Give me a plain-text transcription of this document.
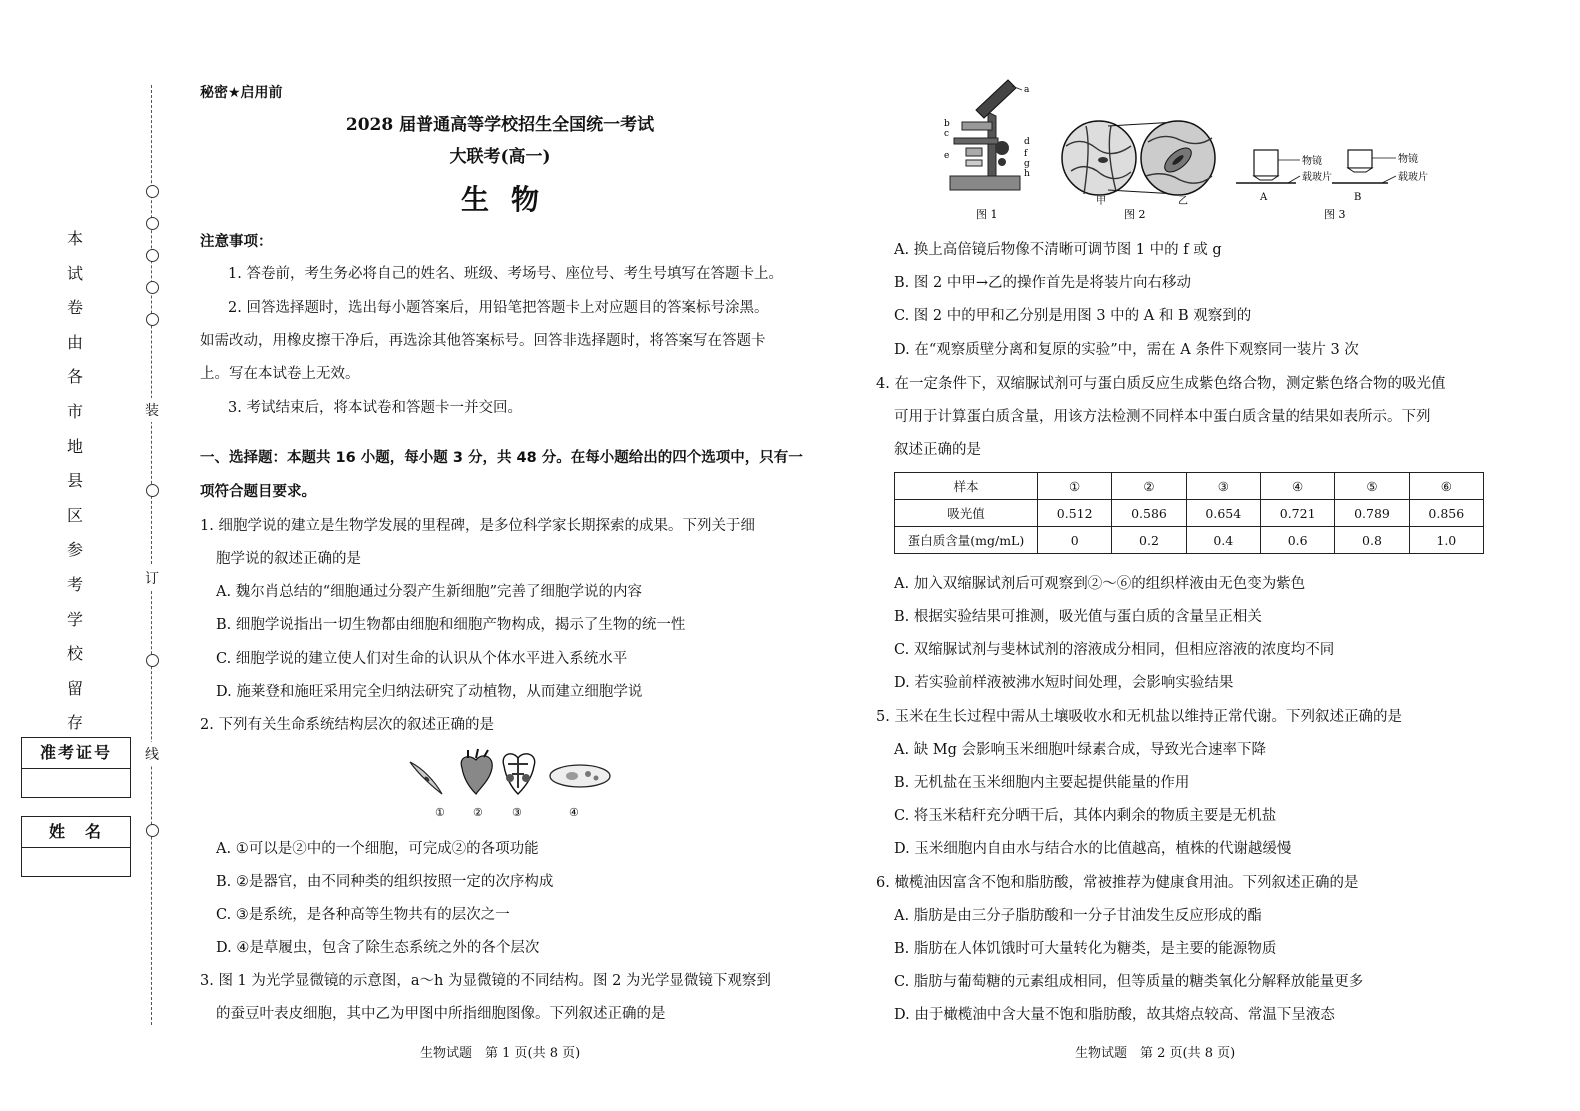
本
试
卷
由
各
市
地
县
区
参
考
学
校
留
存
准考证号
姓　名
装
订
线
秘密★启用前
2028 届普通高等学校招生全国统一考试
大联考(高一)
生物
注意事项：
1. 答卷前，考生务必将自己的姓名、班级、考场号、座位号、考生号填写在答题卡上。
2. 回答选择题时，选出每小题答案后，用铅笔把答题卡上对应题目的答案标号涂黑。
如需改动，用橡皮擦干净后，再选涂其他答案标号。回答非选择题时，将答案写在答题卡
上。写在本试卷上无效。
3. 考试结束后，将本试卷和答题卡一并交回。
一、选择题：本题共 16 小题，每小题 3 分，共 48 分。在每小题给出的四个选项中，只有一
项符合题目要求。
1. 细胞学说的建立是生物学发展的里程碑，是多位科学家长期探索的成果。下列关于细
胞学说的叙述正确的是
A. 魏尔肖总结的“细胞通过分裂产生新细胞”完善了细胞学说的内容
B. 细胞学说指出一切生物都由细胞和细胞产物构成，揭示了生物的统一性
C. 细胞学说的建立使人们对生命的认识从个体水平进入系统水平
D. 施莱登和施旺采用完全归纳法研究了动植物，从而建立细胞学说
2. 下列有关生命系统结构层次的叙述正确的是
①	②	③	④
A. ①可以是②中的一个细胞，可完成②的各项功能
B. ②是器官，由不同种类的组织按照一定的次序构成
C. ③是系统，是各种高等生物共有的层次之一
D. ④是草履虫，包含了除生态系统之外的各个层次
3. 图 1 为光学显微镜的示意图，a～h 为显微镜的不同结构。图 2 为光学显微镜下观察到
的蚕豆叶表皮细胞，其中乙为甲图中所指细胞图像。下列叙述正确的是
生物试题　第 1 页(共 8 页)
a
b
c
d
e	f
g
h
图 1
甲	乙
图 2
物镜
载玻片
A
物镜
载玻片
B
图 3
A. 换上高倍镜后物像不清晰可调节图 1 中的 f 或 g
B. 图 2 中甲→乙的操作首先是将装片向右移动
C. 图 2 中的甲和乙分别是用图 3 中的 A 和 B 观察到的
D. 在“观察质壁分离和复原的实验”中，需在 A 条件下观察同一装片 3 次
4. 在一定条件下，双缩脲试剂可与蛋白质反应生成紫色络合物，测定紫色络合物的吸光值
可用于计算蛋白质含量，用该方法检测不同样本中蛋白质含量的结果如表所示。下列
叙述正确的是
样本	①	②	③	④	⑤	⑥
吸光值	0.512	0.586	0.654	0.721	0.789	0.856
蛋白质含量(mg/mL)	0	0.2	0.4	0.6	0.8	1.0
A. 加入双缩脲试剂后可观察到②～⑥的组织样液由无色变为紫色
B. 根据实验结果可推测，吸光值与蛋白质的含量呈正相关
C. 双缩脲试剂与斐林试剂的溶液成分相同，但相应溶液的浓度均不同
D. 若实验前样液被沸水短时间处理，会影响实验结果
5. 玉米在生长过程中需从土壤吸收水和无机盐以维持正常代谢。下列叙述正确的是
A. 缺 Mg 会影响玉米细胞叶绿素合成，导致光合速率下降
B. 无机盐在玉米细胞内主要起提供能量的作用
C. 将玉米秸秆充分晒干后，其体内剩余的物质主要是无机盐
D. 玉米细胞内自由水与结合水的比值越高，植株的代谢越缓慢
6. 橄榄油因富含不饱和脂肪酸，常被推荐为健康食用油。下列叙述正确的是
A. 脂肪是由三分子脂肪酸和一分子甘油发生反应形成的酯
B. 脂肪在人体饥饿时可大量转化为糖类，是主要的能源物质
C. 脂肪与葡萄糖的元素组成相同，但等质量的糖类氧化分解释放能量更多
D. 由于橄榄油中含大量不饱和脂肪酸，故其熔点较高、常温下呈液态
生物试题　第 2 页(共 8 页)
